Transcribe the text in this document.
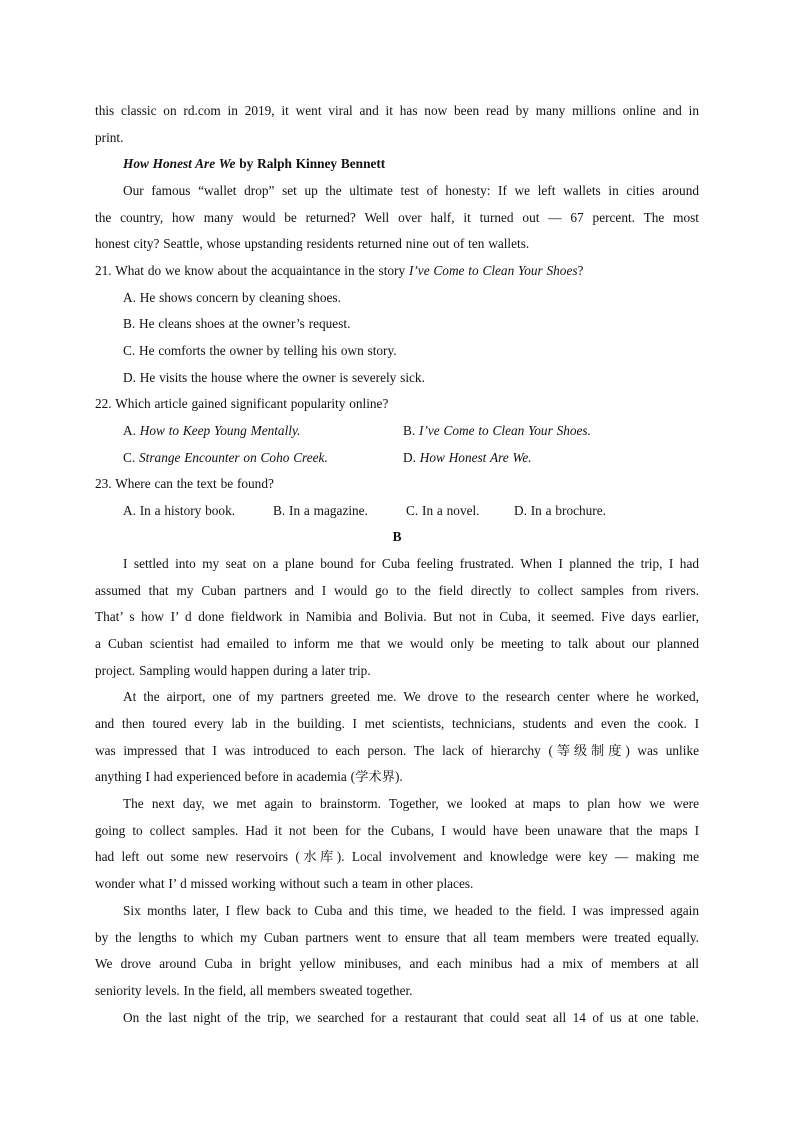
this classic on rd.com in 2019, it went viral and it has now been read by many millions online and in
print.
How Honest Are We by Ralph Kinney Bennett
Our famous “wallet drop” set up the ultimate test of honesty: If we left wallets in cities around
the country, how many would be returned? Well over half, it turned out — 67 percent. The most
honest city? Seattle, whose upstanding residents returned nine out of ten wallets.
21. What do we know about the acquaintance in the story I’ve Come to Clean Your Shoes?
A. He shows concern by cleaning shoes.
B. He cleans shoes at the owner’s request.
C. He comforts the owner by telling his own story.
D. He visits the house where the owner is severely sick.
22. Which article gained significant popularity online?
A. How to Keep Young Mentally.	B. I’ve Come to Clean Your Shoes.
C. Strange Encounter on Coho Creek.	D. How Honest Are We.
23. Where can the text be found?
A. In a history book.	B. In a magazine.	C. In a novel.	D. In a brochure.
B
I settled into my seat on a plane bound for Cuba feeling frustrated. When I planned the trip, I had
assumed that my Cuban partners and I would go to the field directly to collect samples from rivers.
That’ s how I’ d done fieldwork in Namibia and Bolivia. But not in Cuba, it seemed. Five days earlier,
a Cuban scientist had emailed to inform me that we would only be meeting to talk about our planned
project. Sampling would happen during a later trip.
At the airport, one of my partners greeted me. We drove to the research center where he worked,
and then toured every lab in the building. I met scientists, technicians, students and even the cook. I
was impressed that I was introduced to each person. The lack of hierarchy (等级制度) was unlike
anything I had experienced before in academia (学术界).
The next day, we met again to brainstorm. Together, we looked at maps to plan how we were
going to collect samples. Had it not been for the Cubans, I would have been unaware that the maps I
had left out some new reservoirs (水库). Local involvement and knowledge were key — making me
wonder what I’ d missed working without such a team in other places.
Six months later, I flew back to Cuba and this time, we headed to the field. I was impressed again
by the lengths to which my Cuban partners went to ensure that all team members were treated equally.
We drove around Cuba in bright yellow minibuses, and each minibus had a mix of members at all
seniority levels. In the field, all members sweated together.
On the last night of the trip, we searched for a restaurant that could seat all 14 of us at one table.
